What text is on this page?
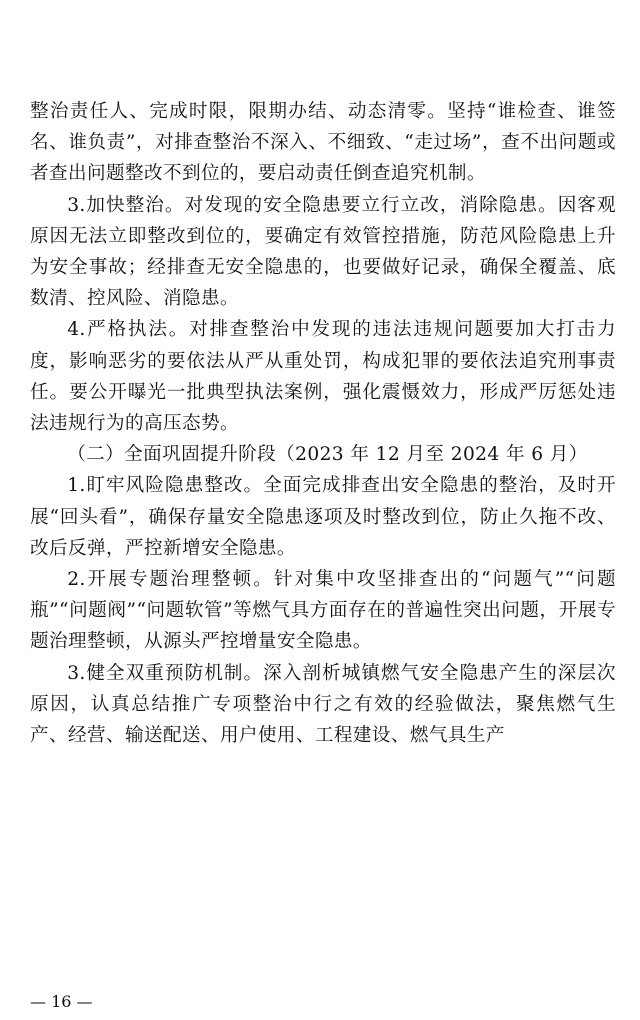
整治责任人、完成时限，限期办结、动态清零。坚持“谁检查、谁签名、谁负责”，对排查整治不深入、不细致、“走过场”，查不出问题或者查出问题整改不到位的，要启动责任倒查追究机制。

3.加快整治。对发现的安全隐患要立行立改，消除隐患。因客观原因无法立即整改到位的，要确定有效管控措施，防范风险隐患上升为安全事故；经排查无安全隐患的，也要做好记录，确保全覆盖、底数清、控风险、消隐患。

4.严格执法。对排查整治中发现的违法违规问题要加大打击力度，影响恶劣的要依法从严从重处罚，构成犯罪的要依法追究刑事责任。要公开曝光一批典型执法案例，强化震慑效力，形成严厉惩处违法违规行为的高压态势。

（二）全面巩固提升阶段（2023 年 12 月至 2024 年 6 月）

1.盯牢风险隐患整改。全面完成排查出安全隐患的整治，及时开展“回头看”，确保存量安全隐患逐项及时整改到位，防止久拖不改、改后反弹，严控新增安全隐患。

2.开展专题治理整顿。针对集中攻坚排查出的“问题气”“问题瓶”“问题阀”“问题软管”等燃气具方面存在的普遍性突出问题，开展专题治理整顿，从源头严控增量安全隐患。

3.健全双重预防机制。深入剖析城镇燃气安全隐患产生的深层次原因，认真总结推广专项整治中行之有效的经验做法，聚焦燃气生产、经营、输送配送、用户使用、工程建设、燃气具生产

— 16 —
